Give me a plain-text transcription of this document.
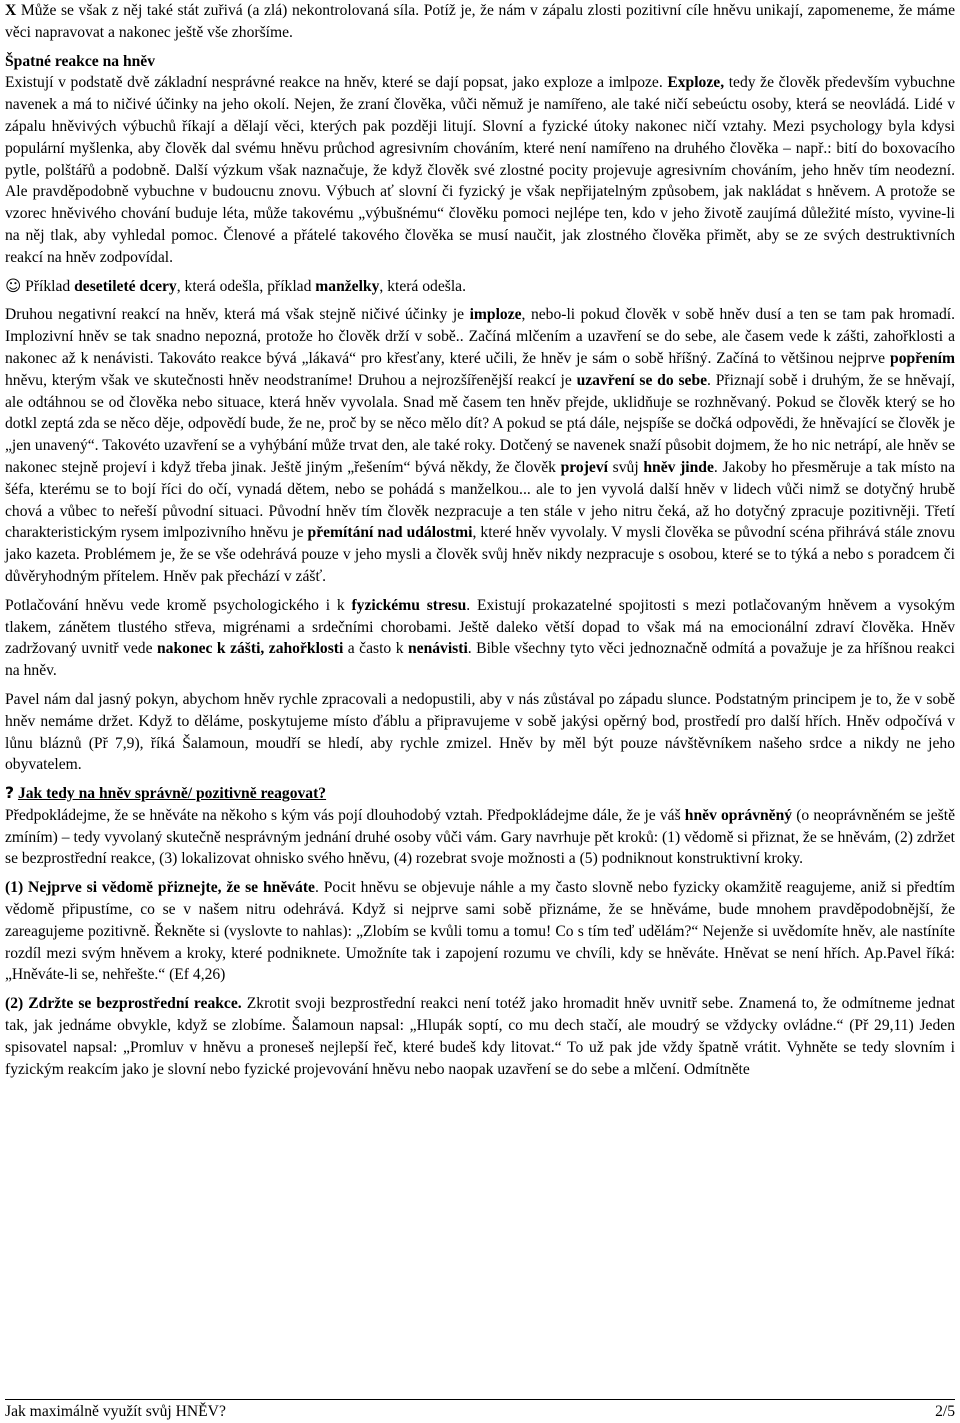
X Může se však z něj také stát zuřivá (a zlá) nekontrolovaná síla. Potíž je, že nám v zápalu zlosti pozitivní cíle hněvu unikají, zapomeneme, že máme věci napravovat a nakonec ještě vše zhoršíme.

Špatné reakce na hněv

Existují v podstatě dvě základní nesprávné reakce na hněv, které se dají popsat, jako exploze a imlpoze. Exploze, tedy že člověk především vybuchne navenek a má to ničivé účinky na jeho okolí. Nejen, že zraní člověka, vůči němuž je namířeno, ale také ničí sebeúctu osoby, která se neovládá. Lidé v zápalu hněvivých výbuchů říkají a dělají věci, kterých pak později litují. Slovní a fyzické útoky nakonec ničí vztahy. Mezi psychology byla kdysi populární myšlenka, aby člověk dal svému hněvu průchod agresivním chováním, které není namířeno na druhého člověka – např.: bití do boxovacího pytle, polštářů a podobně. Další výzkum však naznačuje, že když člověk své zlostné pocity projevuje agresivním chováním, jeho hněv tím neodezní. Ale pravděpodobně vybuchne v budoucnu znovu. Výbuch ať slovní či fyzický je však nepřijatelným způsobem, jak nakládat s hněvem. A protože se vzorec hněvivého chování buduje léta, může takovému „výbušnému“ člověku pomoci nejlépe ten, kdo v jeho životě zaujímá důležité místo, vyvine-li na něj tlak, aby vyhledal pomoc. Členové a přátelé takového člověka se musí naučit, jak zlostného člověka přimět, aby se ze svých destruktivních reakcí na hněv zodpovídal.

☺ Příklad desetileté dcery, která odešla, příklad manželky, která odešla.

Druhou negativní reakcí na hněv, která má však stejně ničivé účinky je imploze, nebo-li pokud člověk v sobě hněv dusí a ten se tam pak hromadí. Implozivní hněv se tak snadno nepozná, protože ho člověk drží v sobě.. Začíná mlčením a uzavření se do sebe, ale časem vede k zášti, zahořklosti a nakonec až k nenávisti. Takováto reakce bývá „lákavá“ pro křesťany, které učili, že hněv je sám o sobě hříšný. Začíná to většinou nejprve popřením hněvu, kterým však ve skutečnosti hněv neodstraníme! Druhou a nejrozšířenější reakcí je uzavření se do sebe. Přiznají sobě i druhým, že se hněvají, ale odtáhnou se od člověka nebo situace, která hněv vyvolala. Snad mě časem ten hněv přejde, uklidňuje se rozhněvaný. Pokud se člověk který se ho dotkl zeptá zda se něco děje, odpovědí bude, že ne, proč by se něco mělo dít? A pokud se ptá dále, nejspíše se dočká odpovědi, že hněvající se člověk je „jen unavený“. Takovéto uzavření se a vyhýbání může trvat den, ale také roky. Dotčený se navenek snaží působit dojmem, že ho nic netrápí, ale hněv se nakonec stejně projeví i když třeba jinak. Ještě jiným „řešením“ bývá někdy, že člověk projeví svůj hněv jinde. Jakoby ho přesměruje a tak místo na šéfa, kterému se to bojí říci do očí, vynadá dětem, nebo se pohádá s manželkou... ale to jen vyvolá další hněv v lidech vůči nimž se dotyčný hrubě chová a vůbec to neřeší původní situaci. Původní hněv tím člověk nezpracuje a ten stále v jeho nitru čeká, až ho dotyčný zpracuje pozitivněji. Třetí charakteristickým rysem imlpozivního hněvu je přemítání nad událostmi, které hněv vyvolaly. V mysli člověka se původní scéna přihrává stále znovu jako kazeta. Problémem je, že se vše odehrává pouze v jeho mysli a člověk svůj hněv nikdy nezpracuje s osobou, které se to týká a nebo s poradcem či důvěryhodným přítelem. Hněv pak přechází v zášť.

Potlačování hněvu vede kromě psychologického i k fyzickému stresu. Existují prokazatelné spojitosti s mezi potlačovaným hněvem a vysokým tlakem, zánětem tlustého střeva, migrénami a srdečními chorobami. Ještě daleko větší dopad to však má na emocionální zdraví člověka. Hněv zadržovaný uvnitř vede nakonec k zášti, zahořklosti a často k nenávisti. Bible všechny tyto věci jednoznačně odmítá a považuje je za hříšnou reakci na hněv.

Pavel nám dal jasný pokyn, abychom hněv rychle zpracovali a nedopustili, aby v nás zůstával po západu slunce. Podstatným principem je to, že v sobě hněv nemáme držet. Když to děláme, poskytujeme místo ďáblu a připravujeme v sobě jakýsi opěrný bod, prostředí pro další hřích. Hněv odpočívá v lůnu bláznů (Př 7,9), říká Šalamoun, moudří se hledí, aby rychle zmizel. Hněv by měl být pouze návštěvníkem našeho srdce a nikdy ne jeho obyvatelem.

? Jak tedy na hněv správně/ pozitivně reagovat?

Předpokládejme, že se hněváte na někoho s kým vás pojí dlouhodobý vztah. Předpokládejme dále, že je váš hněv oprávněný (o neoprávněném se ještě zmíním) – tedy vyvolaný skutečně nesprávným jednání druhé osoby vůči vám. Gary navrhuje pět kroků: (1) vědomě si přiznat, že se hněvám, (2) zdržet se bezprostřední reakce, (3) lokalizovat ohnisko svého hněvu, (4) rozebrat svoje možnosti a (5) podniknout konstruktivní kroky.

(1) Nejprve si vědomě přiznejte, že se hněváte. Pocit hněvu se objevuje náhle a my často slovně nebo fyzicky okamžitě reagujeme, aniž si předtím vědomě připustíme, co se v našem nitru odehrává. Když si nejprve sami sobě přiznáme, že se hněváme, bude mnohem pravděpodobnější, že zareagujeme pozitivně. Řekněte si (vyslovte to nahlas): „Zlobím se kvůli tomu a tomu! Co s tím teď udělám?“ Nejenže si uvědomíte hněv, ale nastíníte rozdíl mezi svým hněvem a kroky, které podniknete. Umožníte tak i zapojení rozumu ve chvíli, kdy se hněváte. Hněvat se není hřích. Ap.Pavel říká: „Hněváte-li se, nehřešte.“ (Ef 4,26)

(2) Zdržte se bezprostřední reakce. Zkrotit svoji bezprostřední reakci není totéž jako hromadit hněv uvnitř sebe. Znamená to, že odmítneme jednat tak, jak jednáme obvykle, když se zlobíme. Šalamoun napsal: „Hlupák soptí, co mu dech stačí, ale moudrý se vždycky ovládne.“ (Př 29,11) Jeden spisovatel napsal: „Promluv v hněvu a proneseš nejlepší řeč, které budeš kdy litovat.“ To už pak jde vždy špatně vrátit. Vyhněte se tedy slovním i fyzickým reakcím jako je slovní nebo fyzické projevování hněvu nebo naopak uzavření se do sebe a mlčení. Odmítněte

Jak maximálně využít svůj HNĚV?	2/5
